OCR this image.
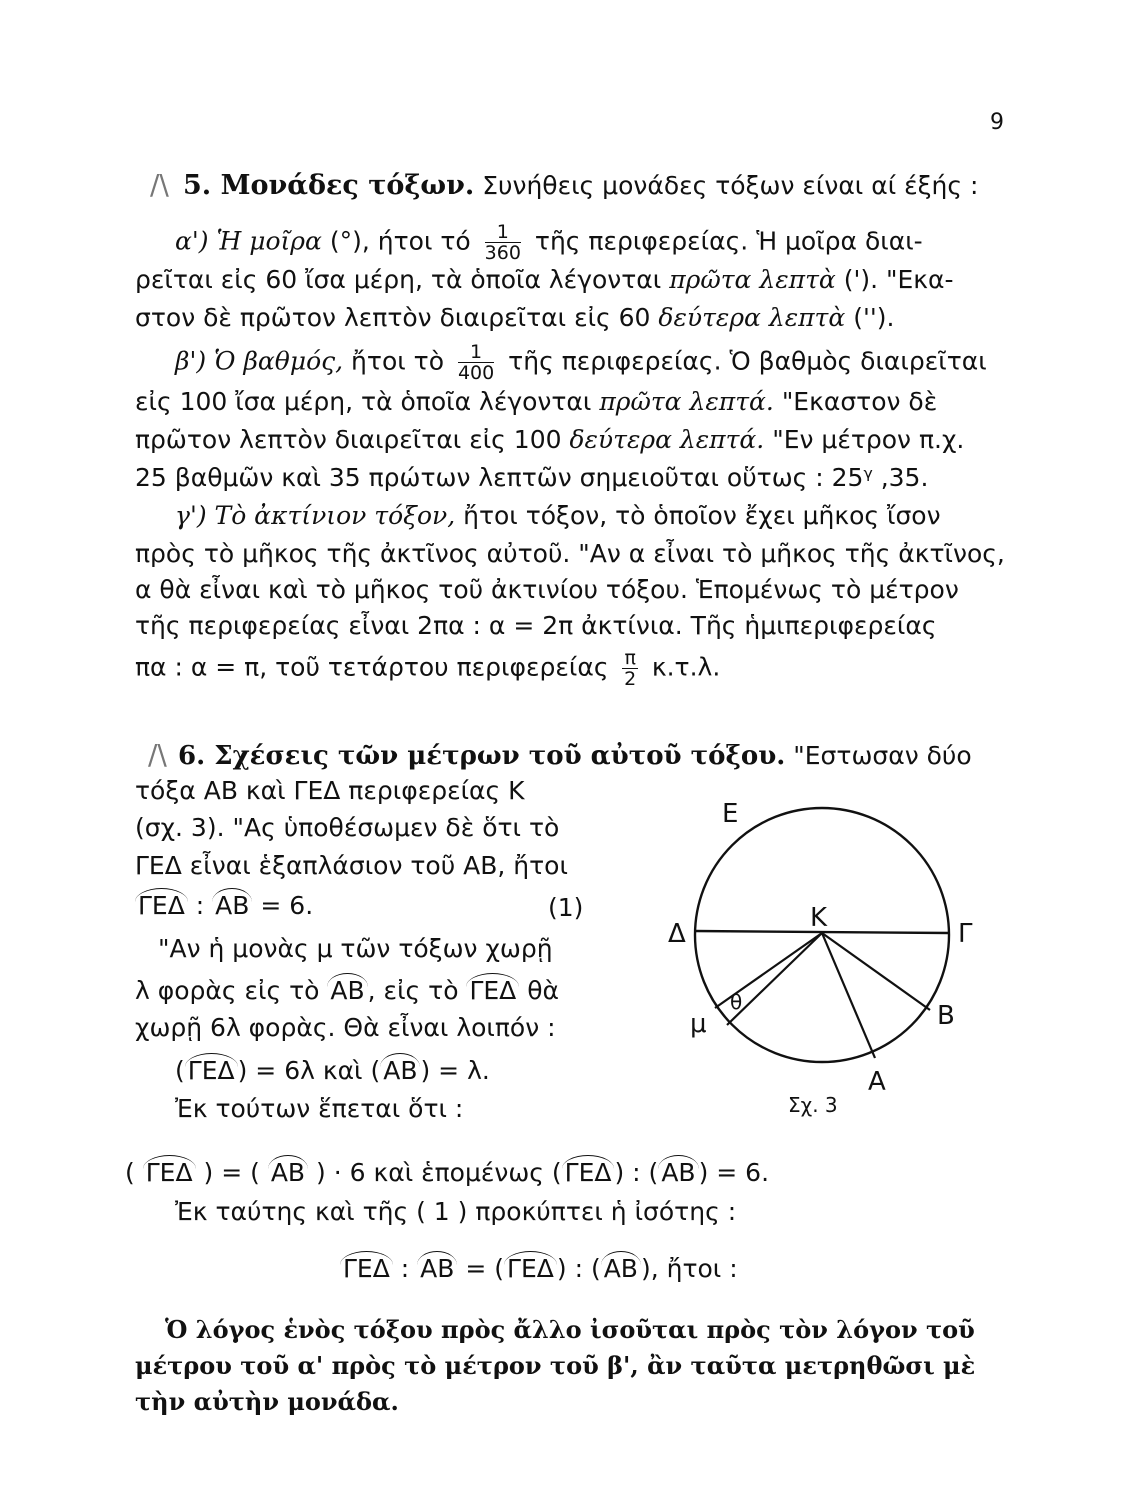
9
/\ 5. Μονάδες τόξων. Συνήθεις μονάδες τόξων είναι αί έξής :
α') Ἡ μοῖρα (°), ήτοι τό $\frac{1}{360}$ τῆς περιφερείας. Ἡ μοῖρα διαι-
ρεῖται εἰς 60 ἴσα μέρη, τὰ ὁποῖα λέγονται πρῶτα λεπτὰ ('). "Εκα-
στον δὲ πρῶτον λεπτὸν διαιρεῖται εἰς 60 δεύτερα λεπτὰ ('').
β') Ὁ βαθμός, ἤτοι τὸ $\frac{1}{400}$ τῆς περιφερείας. Ὁ βαθμὸς διαιρεῖται
εἰς 100 ἴσα μέρη, τὰ ὁποῖα λέγονται πρῶτα λεπτά. "Εκαστον δὲ
πρῶτον λεπτὸν διαιρεῖται εἰς 100 δεύτερα λεπτά. "Εν μέτρον π.χ.
25 βαθμῶν καὶ 35 πρώτων λεπτῶν σημειοῦται οὕτως : 25ᵞ ,35.
γ') Τὸ ἀκτίνιον τόξον, ἤτοι τόξον, τὸ ὁποῖον ἔχει μῆκος ἴσον
πρὸς τὸ μῆκος τῆς ἀκτῖνος αὐτοῦ. "Αν α εἶναι τὸ μῆκος τῆς ἀκτῖνος,
α θὰ εἶναι καὶ τὸ μῆκος τοῦ ἀκτινίου τόξου. Ἑπομένως τὸ μέτρον
τῆς περιφερείας εἶναι 2πα : α = 2π ἀκτίνια. Τῆς ἡμιπεριφερείας
πα : α = π, τοῦ τετάρτου περιφερείας $\frac{\pi}{2} \kappa.\tau.\lambda$.
/\ 6. Σχέσεις τῶν μέτρων τοῦ αὐτοῦ τόξου. "Εστωσαν δύο
τόξα ΑΒ καὶ ΓΕΔ περιφερείας Κ
(σχ. 3). "Ας ὑποθέσωμεν δὲ ὅτι τὸ
ΓΕΔ εἶναι ἑξαπλάσιον τοῦ ΑΒ, ἤτοι
ΓΕΔ : ΑΒ = 6.	(1)
"Αν ἡ μονὰς μ τῶν τόξων χωρῇ
λ φορὰς εἰς τὸ ΑΒ , εἰς τὸ ΓΕΔ θὰ
χωρῇ 6λ φορὰς. Θὰ εἶναι λοιπόν :
( ΓΕΔ ) = 6λ καὶ ( ΑΒ ) = λ.
Ἐκ τούτων ἕπεται ὅτι :
( ΓΕΔ ) = ( ΑΒ ) · 6 καὶ ἑπομένως ( ΓΕΔ ) : ( ΑΒ ) = 6.
Ἐκ ταύτης καὶ τῆς ( 1 ) προκύπτει ἡ ἰσότης :
ΓΕΔ : ΑΒ = ( ΓΕΔ ) : ( ΑΒ ), ἤτοι :
Ε
Δ	Γ
Κ
Β
Α
μ
θ
Σχ. 3
Ὁ λόγος ἑνὸς τόξου πρὸς ἄλλο ἰσοῦται πρὸς τὸν λόγον τοῦ
μέτρου τοῦ α' πρὸς τὸ μέτρον τοῦ β', ἂν ταῦτα μετρηθῶσι μὲ
τὴν αὐτὴν μονάδα.
